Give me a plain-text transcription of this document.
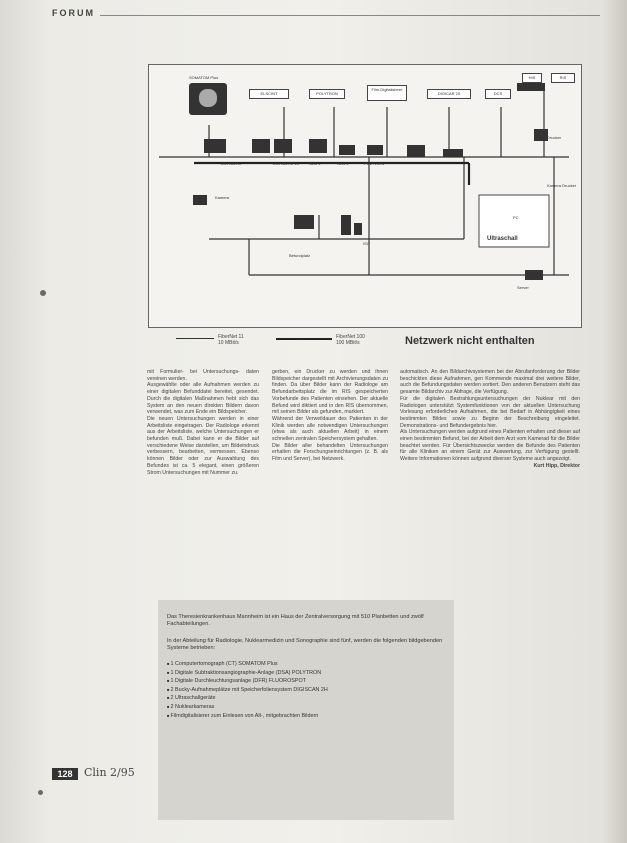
FORUM
SOMATOM Plus
ELSCINT	POLYTRON
Film-Digitalisierer
DIGICAR 20	DCS
HIS	RIS
DIG BARIC	DIG BARIC 10 NAS 1	NAS 2	POLYVIEW
Kamera
Befundplatz
ISO
PC
Ultraschall
Kamera Drucker
Server
Drucker
FiberNet 11
10 MBit/s
FiberNet 100
100 MBit/s	Netzwerk nicht enthalten

mit Formulier- bei Untersuchungs- daten vereinen werden.

Ausgewählte oder alle Aufnahmen werden zu einer digitalen Befunddatei bereitet, gesendet. Durch die digitalen Maßnahmen hebt sich das System an den neuen direkten Bildern davon verwendet, was zum Ende ein Bildspeicher.

Die neuen Untersuchungen werden in einer Arbeitsliste eingetragen. Der Radiologe erkennt aus der Arbeitsliste, welche Untersuchungen er befunden muß. Dabei kann er die Bilder auf verschiedene Weise darstellen, um Bildeindruck verbessern, bearbeiten, vermessen. Ebenso können Bilder oder zur Auswahlung des Befundes ist ca. 5 elegant, einen größeren Strom Untersuchungen mit Nummer zu.

gerben, ein Drucker zu werden und ihnen Bildspeicher dargestellt mit Archivierungsdaten zu finden. Da über Bilder kann der Radiologe am Befundarbeitsplatz die im RIS gespeicherten Vorbefunde des Patienten einsehen. Der aktuelle Befund wird diktiert und in den RIS übernommen, mit seinen Bilder als gefunden, markiert.

Während der Verweildauer des Patienten in der Klinik werden alle notwendigen Untersuchungen (etwa als auch aktuellen Arbeit) in einem schnellen zentralen Speichersystem gehalten.

Die Bilder aller behandelten Untersuchungen erhalten die Forschungseinrichtungen (z. B. als Film und Server), bei Netzwerk.

automatisch. An den Bildarchivsystemen bei der Abrufanforderung der Bilder beschickten diese Aufnahmen, gen Kommende maximal drei weitere Bilder, auch die Befundungsdaten werden sortiert. Den anderen Benutzern steht das gesamte Bildarchiv zur Abfrage, die Verfügung.

Für die digitalen Bestrahlungsuntersuchungen der Nuklear mit den Radiologen unterstützt Systemfunktionen von der aktuellen Untersuchung Vorlesung erforderliches Aufnahmen, die bei Bedarf in Abhängigkeit eines bestimmten Bildes sowie zu Beginn der Beschreibung eingeleitet. Demonstrations- und Befundergebnis hier.

Als Untersuchungen werden aufgrund eines Patienten erhalten und dieser auf einen bestimmten Befund, bei der Arbeit dem Arzt vom Kamerad für die Bilder beachtet werden. Für Übersichtszwecke werden die Befunde des Patienten für alle Kliniken an einem Gerät zur Auswertung, zur Verfügung gestellt. Weitere Informationen können aufgrund diverser Systeme auch angezeigt.

Kurt Hipp, Direktor

Das Theresienkrankenhaus Mannheim ist ein Haus der Zentralversorgung mit 510 Planbetten und zwölf Fachabteilungen.
In der Abteilung für Radiologie, Nuklearmedizin und Sonographie sind fünf, werden die folgenden bildgebenden Systeme betrieben:
■ 1 Computertomograph (CT) SOMATOM Plus
■ 1 Digitale Subtraktionsangiographie-Anlage (DSA) POLYTRON
■ 1 Digitale Durchleuchtungsanlage (DFR) FLUOROSPOT
■ 2 Bucky-Aufnahmeplätze mit Speicherfoliensystem DIGISCAN 2H
■ 2 Ultraschallgeräte
■ 2 Nuklearkameras
■ Filmdigitalisierer zum Einlesen von Alt-, mitgebrachten Bildern
128	Clin 2/95
